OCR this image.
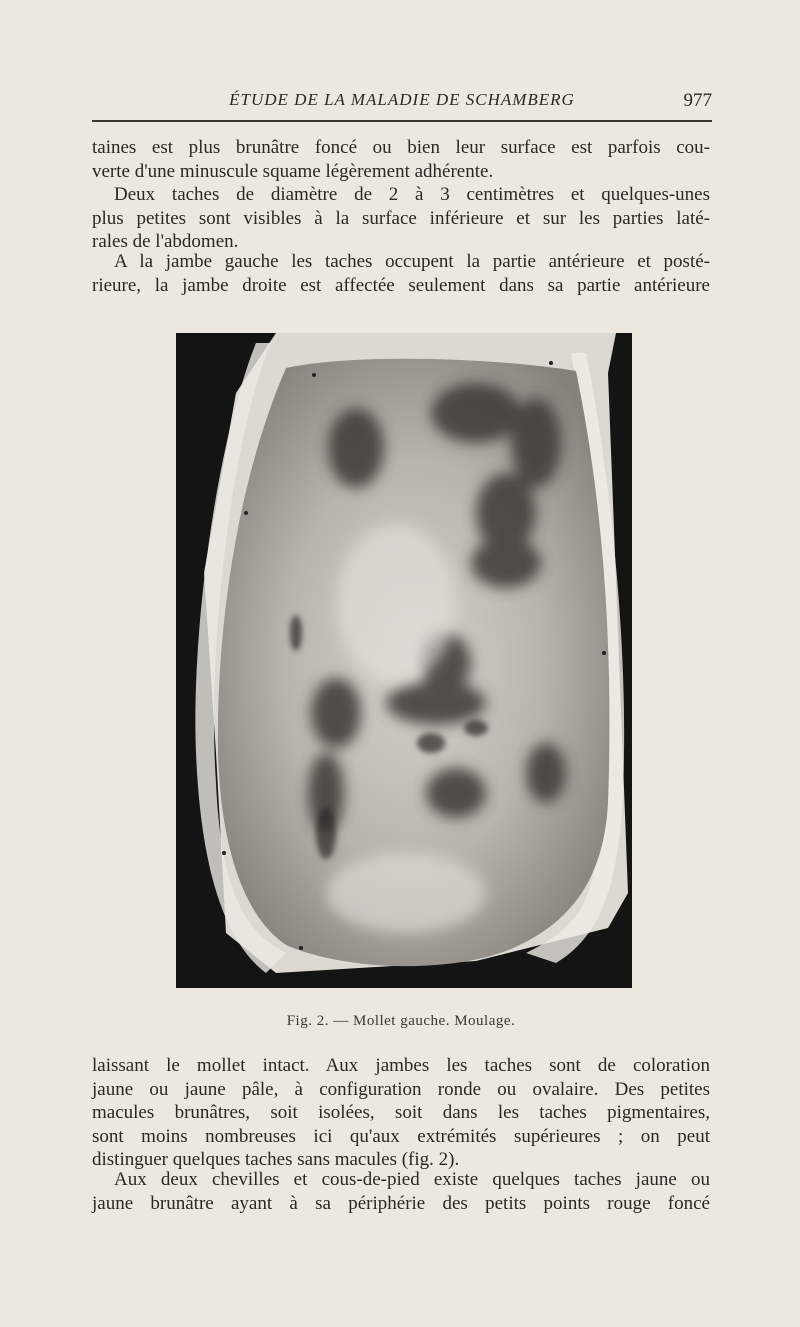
ÉTUDE DE LA MALADIE DE SCHAMBERG	977
taines est plus brunâtre foncé ou bien leur surface est parfois cou-
verte d'une minuscule squame légèrement adhérente.
Deux taches de diamètre de 2 à 3 centimètres et quelques-unes
plus petites sont visibles à la surface inférieure et sur les parties laté-
rales de l'abdomen.
A la jambe gauche les taches occupent la partie antérieure et posté-
rieure, la jambe droite est affectée seulement dans sa partie antérieure
Fig. 2. — Mollet gauche. Moulage.
laissant le mollet intact. Aux jambes les taches sont de coloration
jaune ou jaune pâle, à configuration ronde ou ovalaire. Des petites
macules brunâtres, soit isolées, soit dans les taches pigmentaires,
sont moins nombreuses ici qu'aux extrémités supérieures ; on peut
distinguer quelques taches sans macules (fig. 2).
Aux deux chevilles et cous-de-pied existe quelques taches jaune ou
jaune brunâtre ayant à sa périphérie des petits points rouge foncé
